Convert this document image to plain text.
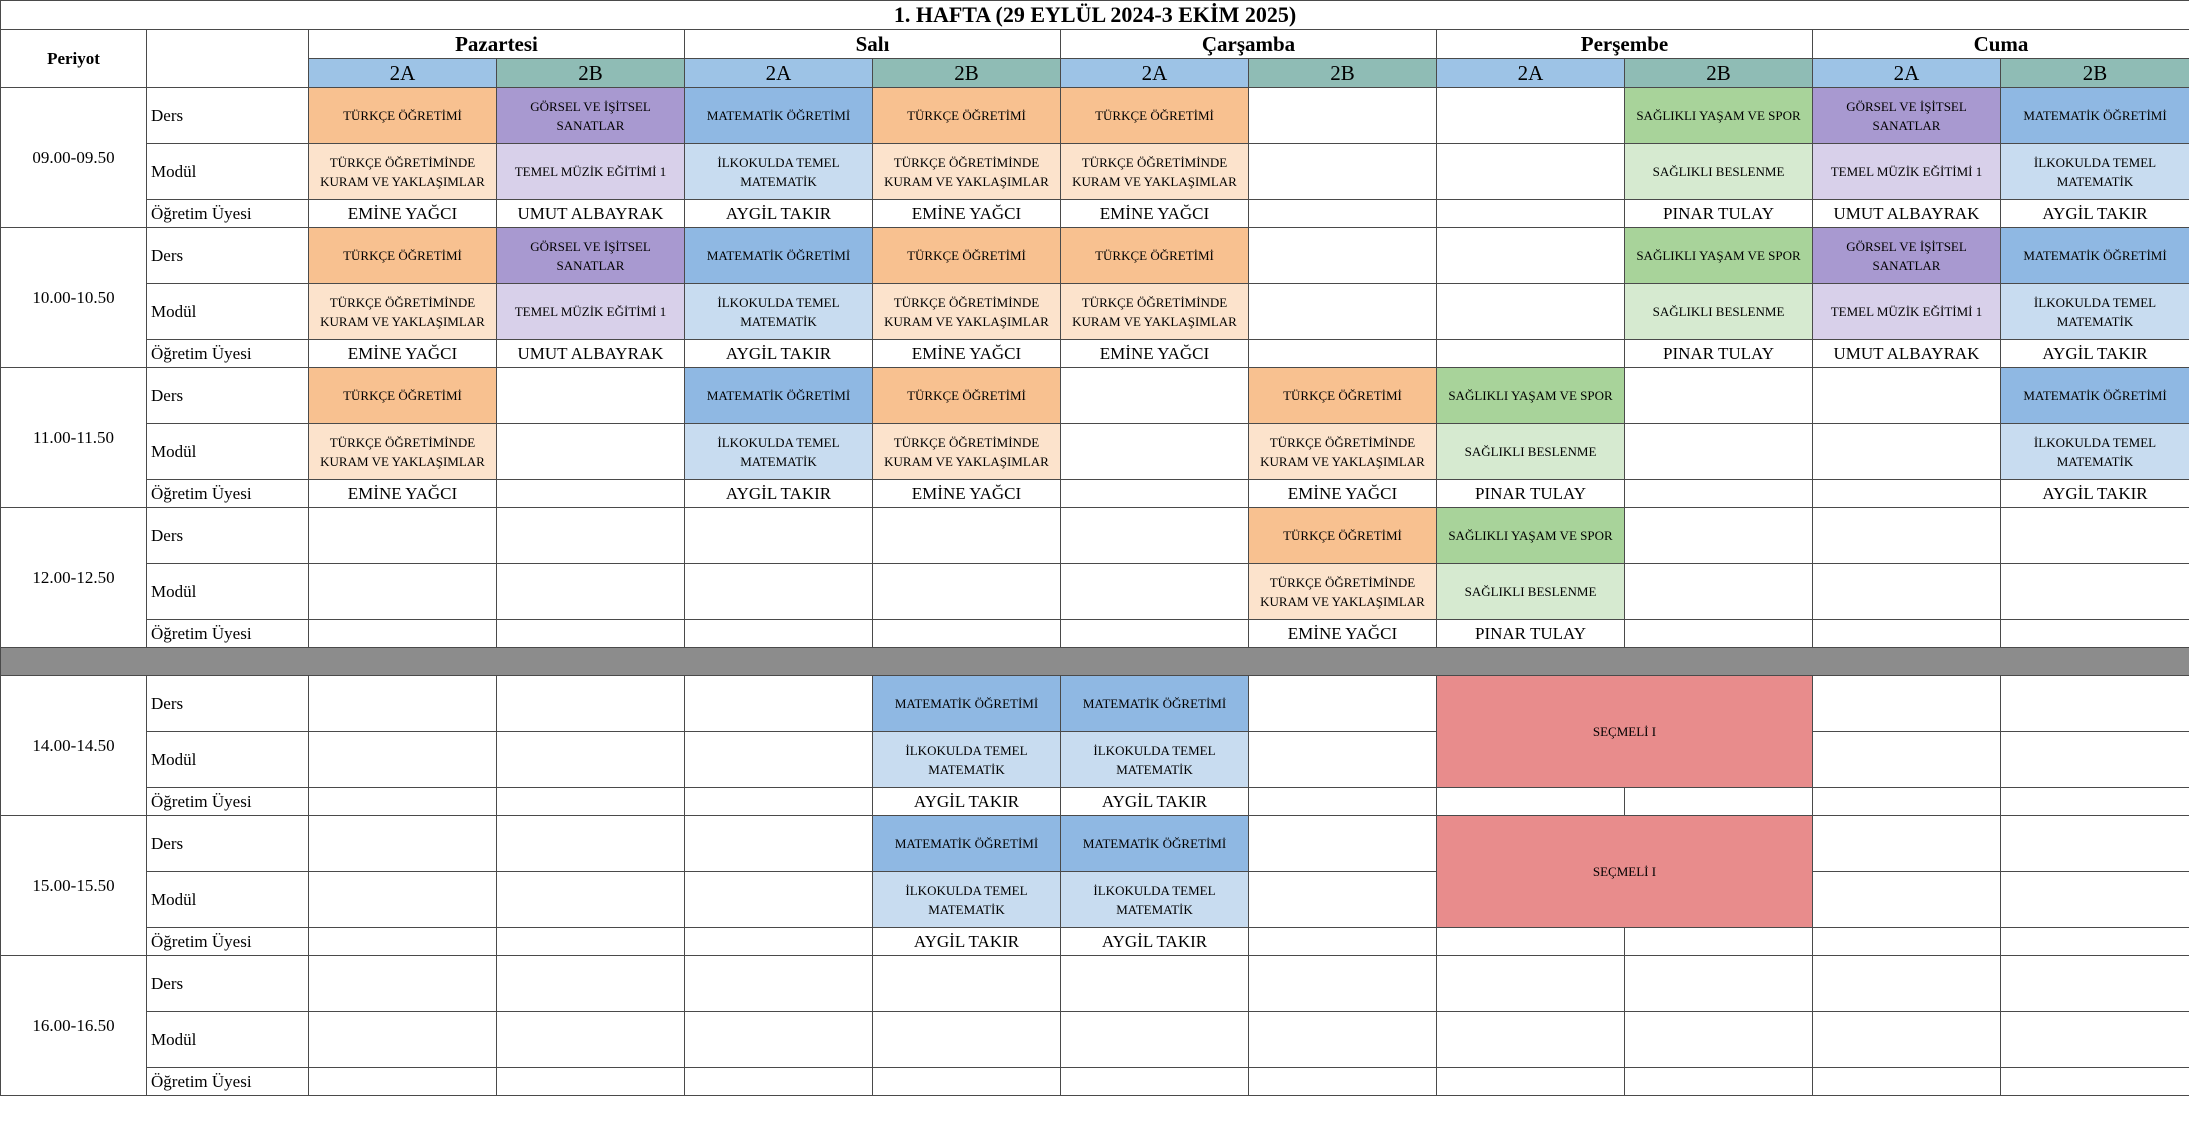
1. HAFTA (29 EYLÜL 2024-3 EKİM 2025)											
Periyot		Pazartesi		Salı		Çarşamba		Perşembe		Cuma	
		2A	2B	2A	2B	2A	2B	2A	2B	2A	2B
09.00-09.50	Ders	TÜRKÇE ÖĞRETİMİ	GÖRSEL VE İŞİTSEL SANATLAR	MATEMATİK ÖĞRETİMİ	TÜRKÇE ÖĞRETİMİ	TÜRKÇE ÖĞRETİMİ			SAĞLIKLI YAŞAM VE SPOR	GÖRSEL VE İŞİTSEL SANATLAR	MATEMATİK ÖĞRETİMİ
	Modül	TÜRKÇE ÖĞRETİMİNDE KURAM VE YAKLAŞIMLAR	TEMEL MÜZİK EĞİTİMİ 1	İLKOKULDA TEMEL MATEMATİK	TÜRKÇE ÖĞRETİMİNDE KURAM VE YAKLAŞIMLAR	TÜRKÇE ÖĞRETİMİNDE KURAM VE YAKLAŞIMLAR			SAĞLIKLI BESLENME	TEMEL MÜZİK EĞİTİMİ 1	İLKOKULDA TEMEL MATEMATİK
	Öğretim Üyesi	EMİNE YAĞCI	UMUT ALBAYRAK	AYGİL TAKIR	EMİNE YAĞCI	EMİNE YAĞCI			PINAR TULAY	UMUT ALBAYRAK	AYGİL TAKIR
10.00-10.50	Ders	TÜRKÇE ÖĞRETİMİ	GÖRSEL VE İŞİTSEL SANATLAR	MATEMATİK ÖĞRETİMİ	TÜRKÇE ÖĞRETİMİ	TÜRKÇE ÖĞRETİMİ			SAĞLIKLI YAŞAM VE SPOR	GÖRSEL VE İŞİTSEL SANATLAR	MATEMATİK ÖĞRETİMİ
	Modül	TÜRKÇE ÖĞRETİMİNDE KURAM VE YAKLAŞIMLAR	TEMEL MÜZİK EĞİTİMİ 1	İLKOKULDA TEMEL MATEMATİK	TÜRKÇE ÖĞRETİMİNDE KURAM VE YAKLAŞIMLAR	TÜRKÇE ÖĞRETİMİNDE KURAM VE YAKLAŞIMLAR			SAĞLIKLI BESLENME	TEMEL MÜZİK EĞİTİMİ 1	İLKOKULDA TEMEL MATEMATİK
	Öğretim Üyesi	EMİNE YAĞCI	UMUT ALBAYRAK	AYGİL TAKIR	EMİNE YAĞCI	EMİNE YAĞCI			PINAR TULAY	UMUT ALBAYRAK	AYGİL TAKIR
11.00-11.50	Ders	TÜRKÇE ÖĞRETİMİ		MATEMATİK ÖĞRETİMİ	TÜRKÇE ÖĞRETİMİ		TÜRKÇE ÖĞRETİMİ	SAĞLIKLI YAŞAM VE SPOR			MATEMATİK ÖĞRETİMİ
	Modül	TÜRKÇE ÖĞRETİMİNDE KURAM VE YAKLAŞIMLAR		İLKOKULDA TEMEL MATEMATİK	TÜRKÇE ÖĞRETİMİNDE KURAM VE YAKLAŞIMLAR		TÜRKÇE ÖĞRETİMİNDE KURAM VE YAKLAŞIMLAR	SAĞLIKLI BESLENME			İLKOKULDA TEMEL MATEMATİK
	Öğretim Üyesi	EMİNE YAĞCI		AYGİL TAKIR	EMİNE YAĞCI		EMİNE YAĞCI	PINAR TULAY			AYGİL TAKIR
12.00-12.50	Ders						TÜRKÇE ÖĞRETİMİ	SAĞLIKLI YAŞAM VE SPOR			
	Modül						TÜRKÇE ÖĞRETİMİNDE KURAM VE YAKLAŞIMLAR	SAĞLIKLI BESLENME			
	Öğretim Üyesi						EMİNE YAĞCI	PINAR TULAY			

14.00-14.50	Ders				MATEMATİK ÖĞRETİMİ	MATEMATİK ÖĞRETİMİ		SEÇMELİ I			
	Modül				İLKOKULDA TEMEL MATEMATİK	İLKOKULDA TEMEL MATEMATİK					
	Öğretim Üyesi				AYGİL TAKIR	AYGİL TAKIR					
15.00-15.50	Ders				MATEMATİK ÖĞRETİMİ	MATEMATİK ÖĞRETİMİ		SEÇMELİ I			
	Modül				İLKOKULDA TEMEL MATEMATİK	İLKOKULDA TEMEL MATEMATİK					
	Öğretim Üyesi				AYGİL TAKIR	AYGİL TAKIR					
16.00-16.50	Ders										
	Modül										
	Öğretim Üyesi										
